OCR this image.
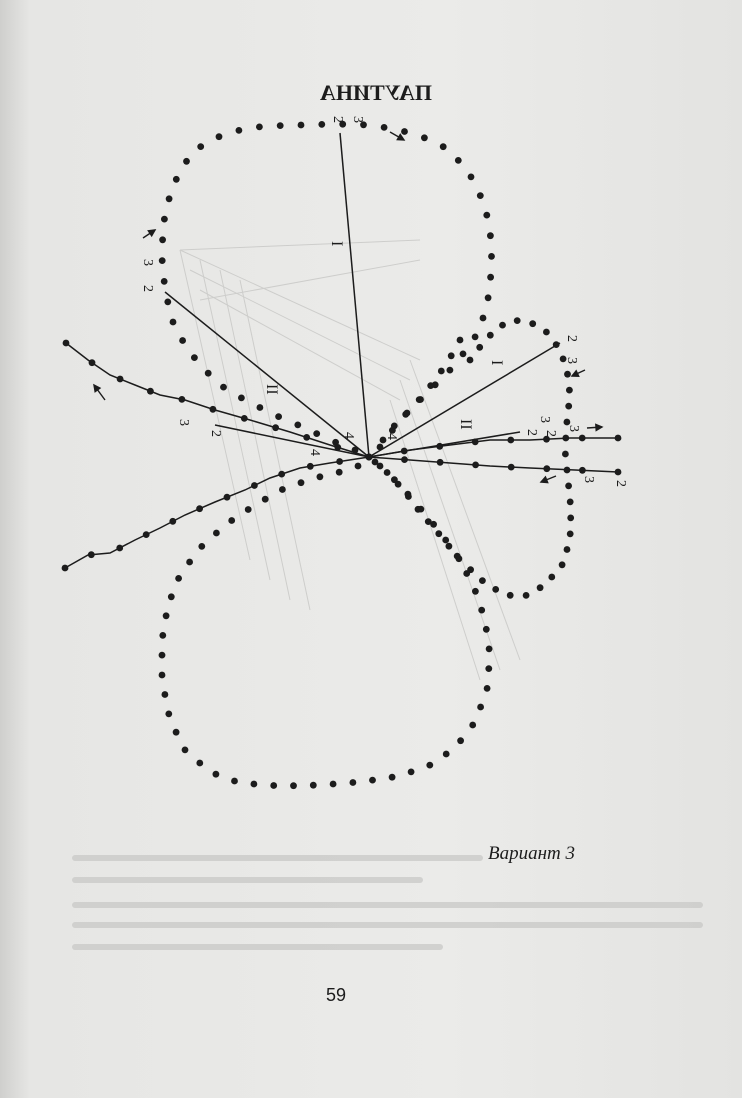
ПАУТИНА
I
I
II
II
2 3
2
3
2
3
2
3
2
3
3
2
3
2	4 4
4
Вариант 3
59
